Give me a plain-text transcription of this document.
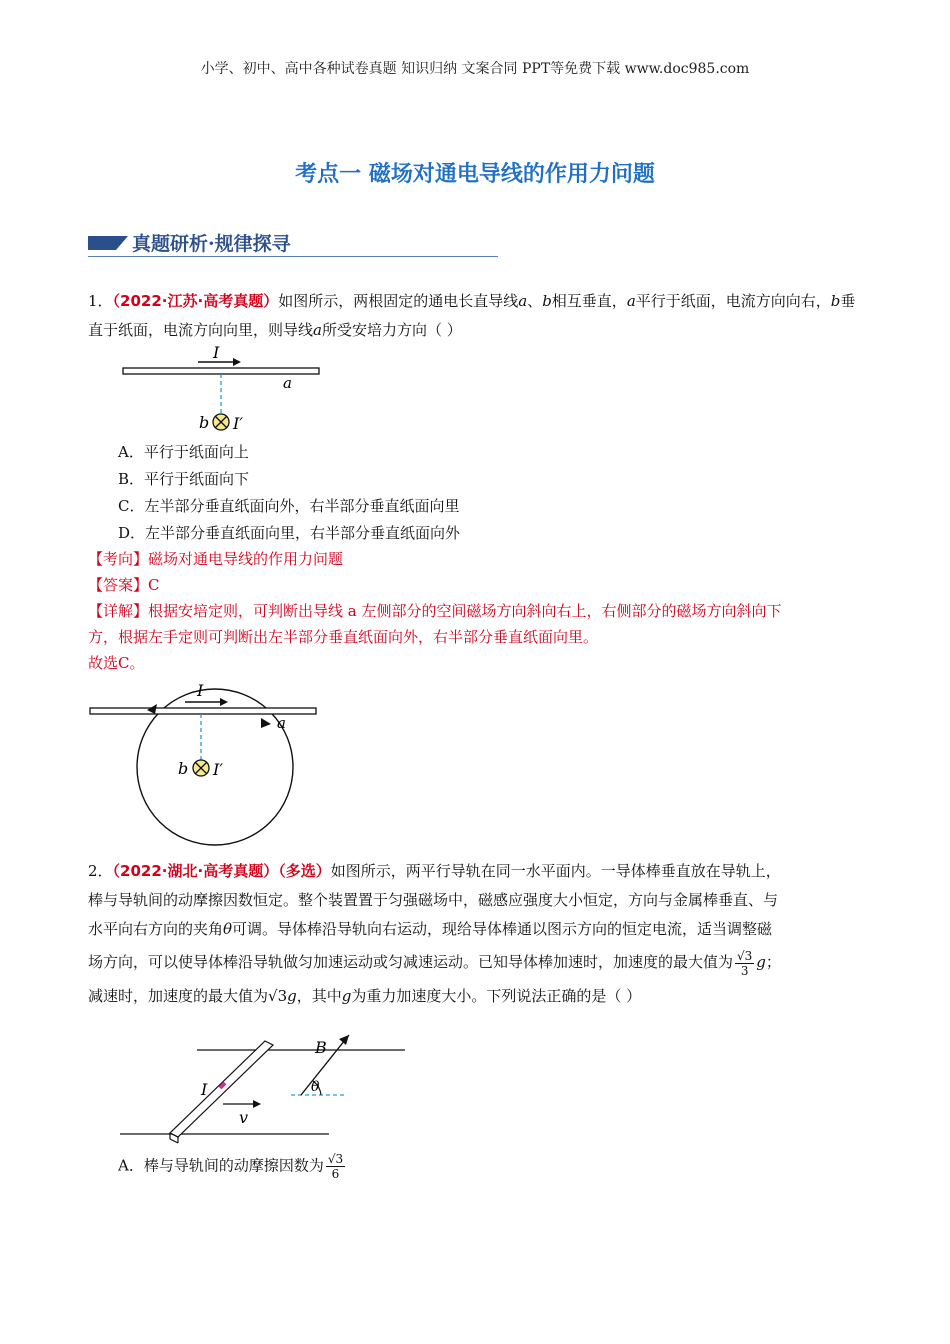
小学、初中、高中各种试卷真题 知识归纳 文案合同 PPT等免费下载 www.doc985.com
考点一 磁场对通电导线的作用力问题
真题研析·规律探寻
1．（2022·江苏·高考真题）如图所示，两根固定的通电长直导线a、b相互垂直，a平行于纸面，电流方向向右，b垂直于纸面，电流方向向里，则导线a所受安培力方向（ ）
I
a
b I′
A．平行于纸面向上
B．平行于纸面向下
C．左半部分垂直纸面向外，右半部分垂直纸面向里
D．左半部分垂直纸面向里，右半部分垂直纸面向外
【考向】磁场对通电导线的作用力问题
【答案】C
【详解】根据安培定则，可判断出导线 a 左侧部分的空间磁场方向斜向右上，右侧部分的磁场方向斜向下
方，根据左手定则可判断出左半部分垂直纸面向外，右半部分垂直纸面向里。
故选C。
I
a
b I′
2．（2022·湖北·高考真题）（多选）如图所示，两平行导轨在同一水平面内。一导体棒垂直放在导轨上，
棒与导轨间的动摩擦因数恒定。整个装置置于匀强磁场中，磁感应强度大小恒定，方向与金属棒垂直、与
水平向右方向的夹角θ可调。导体棒沿导轨向右运动，现给导体棒通以图示方向的恒定电流，适当调整磁
场方向，可以使导体棒沿导轨做匀加速运动或匀减速运动。已知导体棒加速时，加速度的最大值为 $\frac{√3}{3}$ g；
减速时，加速度的最大值为√3g，其中g为重力加速度大小。下列说法正确的是（ ）
I
v
B
θ
A．棒与导轨间的动摩擦因数为 $\frac{√3}{6}$
